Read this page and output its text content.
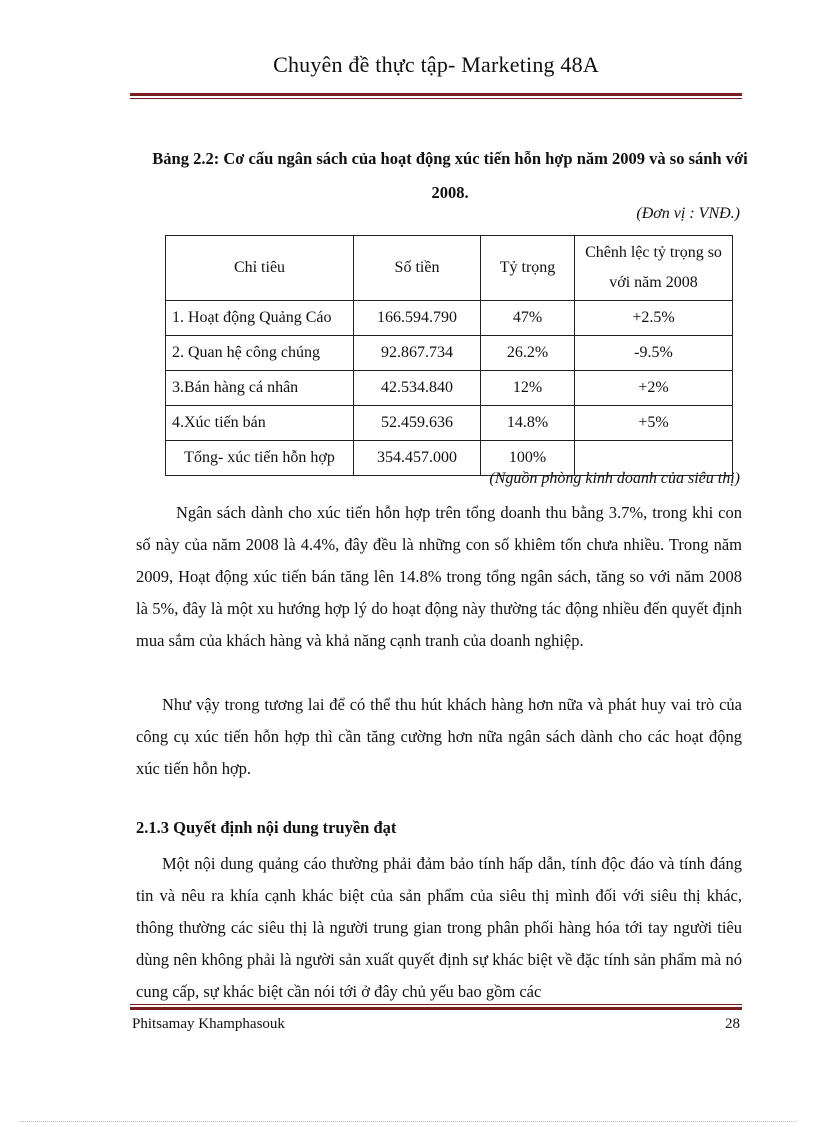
Chuyên đề thực tập- Marketing 48A
Bảng 2.2: Cơ cấu ngân sách của hoạt động xúc tiến hỗn hợp năm 2009 và so sánh với 2008.
(Đơn vị : VNĐ.)
Chỉ tiêu	Số tiền	Tỷ trọng	Chênh lệc tỷ trọng so với năm 2008
1. Hoạt động Quảng Cáo	166.594.790	47%	+2.5%
2. Quan hệ công chúng	92.867.734	26.2%	-9.5%
3.Bán hàng cá nhân	42.534.840	12%	+2%
4.Xúc tiến bán	52.459.636	14.8%	+5%
Tổng- xúc tiến hỗn hợp	354.457.000	100%	
(Nguồn phòng kinh doanh của siêu thị)

Ngân sách dành cho xúc tiến hỗn hợp trên tổng doanh thu bằng 3.7%, trong khi con số này của năm 2008 là 4.4%, đây đều là những con số khiêm tốn chưa nhiều. Trong năm 2009, Hoạt động xúc tiến bán tăng lên 14.8% trong tổng ngân sách, tăng so với năm 2008 là 5%, đây là một xu hướng hợp lý do hoạt động này thường tác động nhiều đến quyết định mua sắm của khách hàng và khả năng cạnh tranh của doanh nghiệp.

Như vậy trong tương lai để có thể thu hút khách hàng hơn nữa và phát huy vai trò của công cụ xúc tiến hỗn hợp thì cần tăng cường hơn nữa ngân sách dành cho các hoạt động xúc tiến hỗn hợp.

2.1.3 Quyết định nội dung truyền đạt

Một nội dung quảng cáo thường phải đảm bảo tính hấp dẫn, tính độc đáo và tính đáng tin và nêu ra khía cạnh khác biệt của sản phẩm của siêu thị mình đối với siêu thị khác, thông thường các siêu thị là người trung gian trong phân phối hàng hóa tới tay người tiêu dùng nên không phải là người sản xuất quyết định sự khác biệt về đặc tính sản phẩm mà nó cung cấp, sự khác biệt cần nói tới ở đây chủ yếu bao gồm các

Phitsamay Khamphasouk	28
